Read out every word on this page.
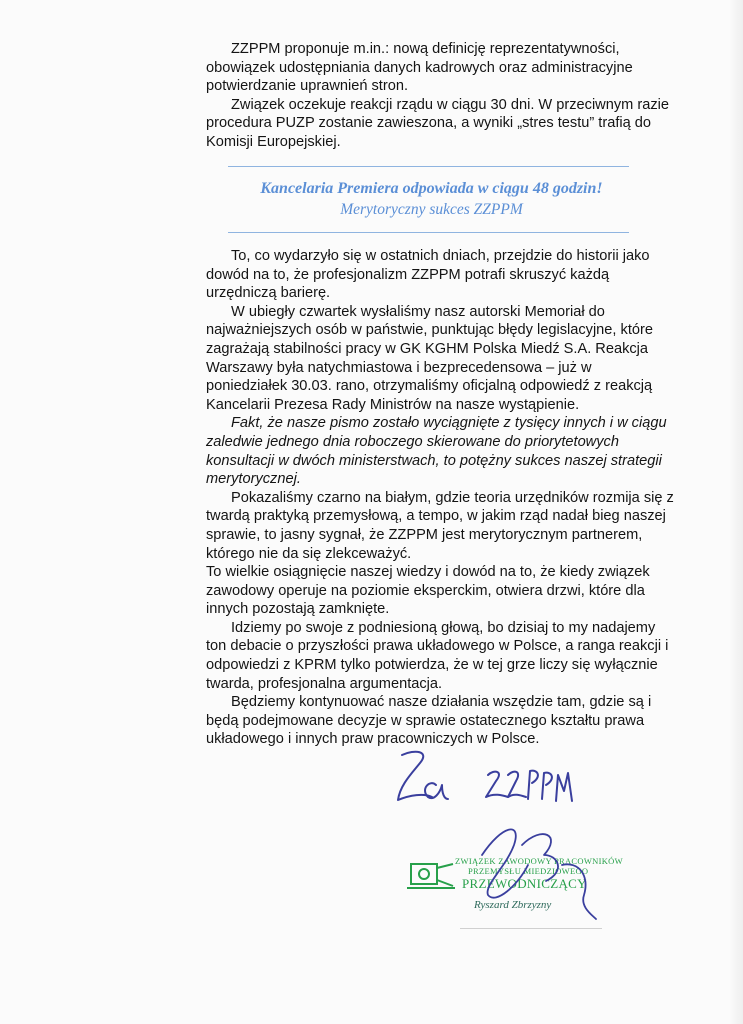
ZZPPM proponuje m.in.: nową definicję reprezentatywności, obowiązek udostępniania danych kadrowych oraz administracyjne potwierdzanie uprawnień stron.

Związek oczekuje reakcji rządu w ciągu 30 dni. W przeciwnym razie procedura PUZP zostanie zawieszona, a wyniki „stres testu” trafią do Komisji Europejskiej.

Kancelaria Premiera odpowiada w ciągu 48 godzin!
Merytoryczny sukces ZZPPM

To, co wydarzyło się w ostatnich dniach, przejdzie do historii jako dowód na to, że profesjonalizm ZZPPM potrafi skruszyć każdą urzędniczą barierę.

W ubiegły czwartek wysłaliśmy nasz autorski Memoriał do najważniejszych osób w państwie, punktując błędy legislacyjne, które zagrażają stabilności pracy w GK KGHM Polska Miedź S.A. Reakcja Warszawy była natychmiastowa i bezprecedensowa – już w poniedziałek 30.03. rano, otrzymaliśmy oficjalną odpowiedź z reakcją Kancelarii Prezesa Rady Ministrów na nasze wystąpienie.

Fakt, że nasze pismo zostało wyciągnięte z tysięcy innych i w ciągu zaledwie jednego dnia roboczego skierowane do priorytetowych konsultacji w dwóch ministerstwach, to potężny sukces naszej strategii merytorycznej.

Pokazaliśmy czarno na białym, gdzie teoria urzędników rozmija się z twardą praktyką przemysłową, a tempo, w jakim rząd nadał bieg naszej sprawie, to jasny sygnał, że ZZPPM jest merytorycznym partnerem, którego nie da się zlekceważyć.

To wielkie osiągnięcie naszej wiedzy i dowód na to, że kiedy związek zawodowy operuje na poziomie eksperckim, otwiera drzwi, które dla innych pozostają zamknięte.

Idziemy po swoje z podniesioną głową, bo dzisiaj to my nadajemy ton debacie o przyszłości prawa układowego w Polsce, a ranga reakcji i odpowiedzi z KPRM tylko potwierdza, że w tej grze liczy się wyłącznie twarda, profesjonalna argumentacja.

Będziemy kontynuować nasze działania wszędzie tam, gdzie są i będą podejmowane decyzje w sprawie ostatecznego kształtu prawa układowego i innych praw pracowniczych w Polsce.

ZWIĄZEK ZAWODOWY PRACOWNIKÓW
PRZEMYSŁU MIEDZIOWEGO
PRZEWODNICZĄCY
Ryszard Zbrzyzny
